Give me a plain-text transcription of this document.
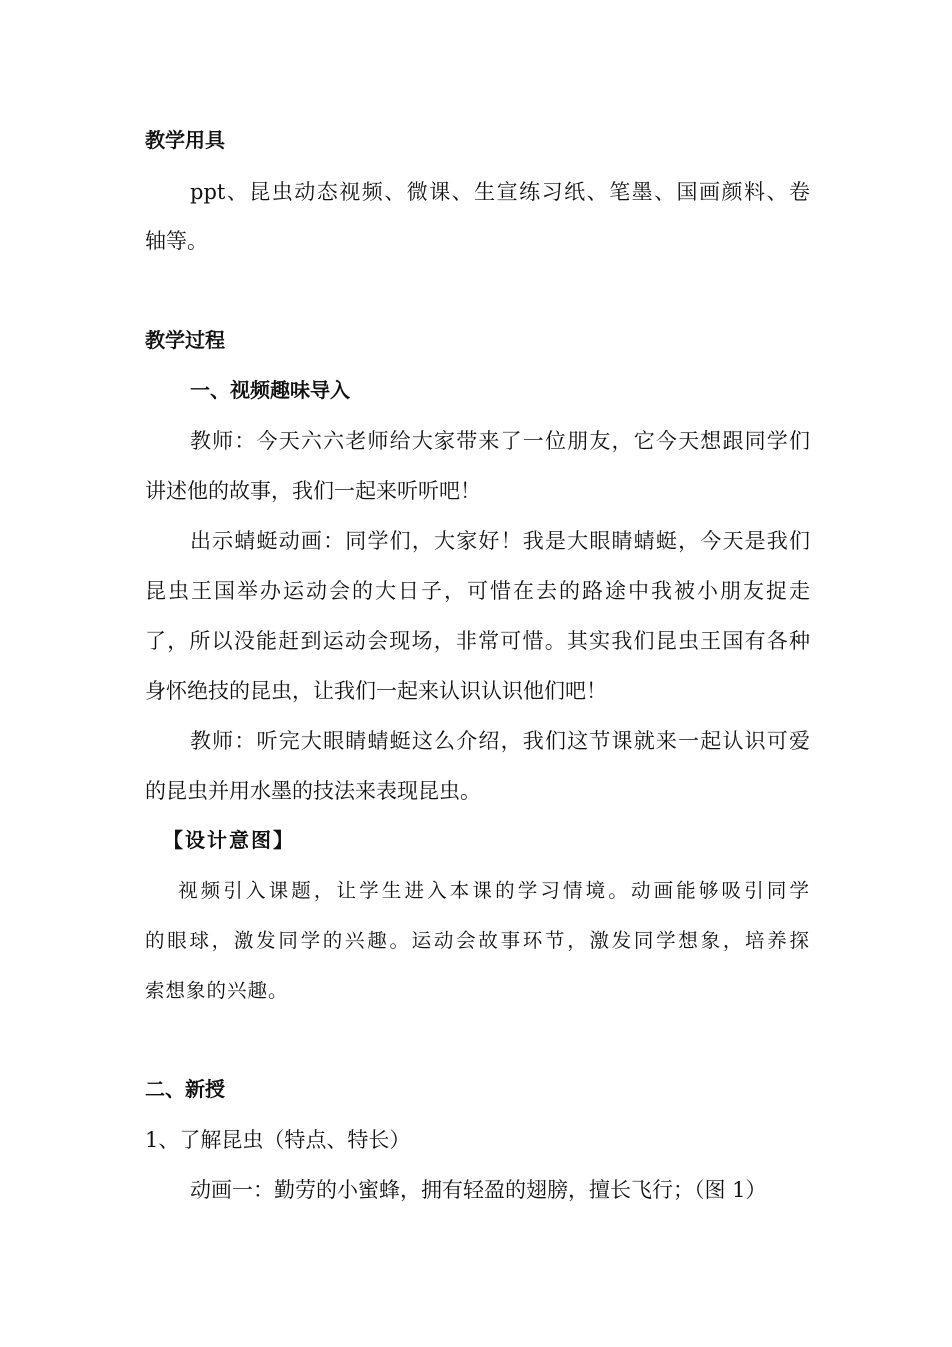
教学用具
ppt、昆虫动态视频、微课、生宣练习纸、笔墨、国画颜料、卷
轴等。
教学过程
一、视频趣味导入
教师：今天六六老师给大家带来了一位朋友，它今天想跟同学们
讲述他的故事，我们一起来听听吧！
出示蜻蜓动画：同学们，大家好！我是大眼睛蜻蜓，今天是我们
昆虫王国举办运动会的大日子，可惜在去的路途中我被小朋友捉走
了，所以没能赶到运动会现场，非常可惜。其实我们昆虫王国有各种
身怀绝技的昆虫，让我们一起来认识认识他们吧！
教师：听完大眼睛蜻蜓这么介绍，我们这节课就来一起认识可爱
的昆虫并用水墨的技法来表现昆虫。
【设计意图】
视频引入课题，让学生进入本课的学习情境。动画能够吸引同学
的眼球，激发同学的兴趣。运动会故事环节，激发同学想象，培养探
索想象的兴趣。
二、新授
1、了解昆虫（特点、特长）
动画一：勤劳的小蜜蜂，拥有轻盈的翅膀，擅长飞行；（图 1）
